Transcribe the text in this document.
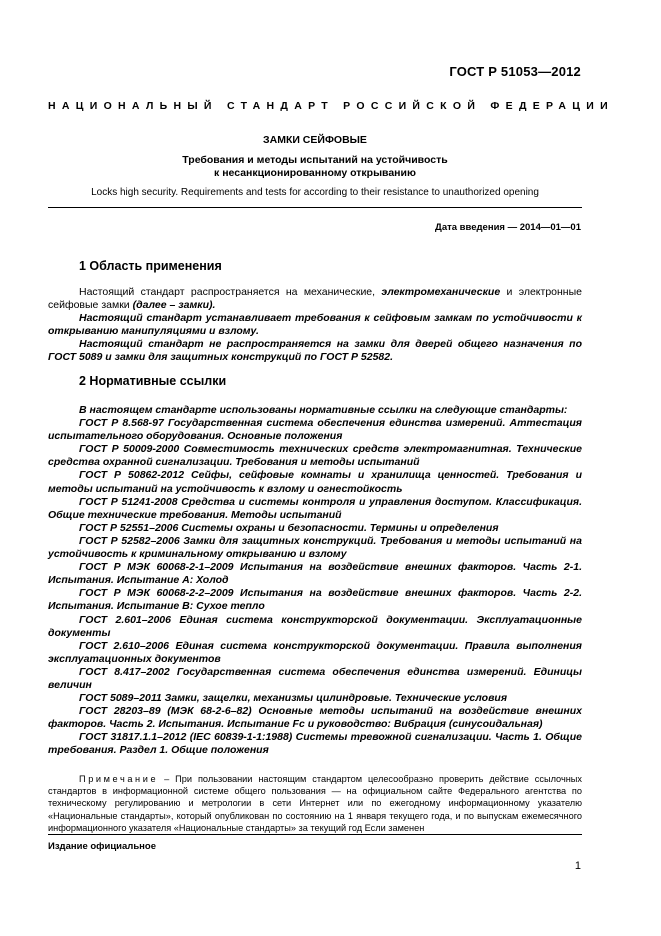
ГОСТ Р 51053—2012
НАЦИОНАЛЬНЫЙ СТАНДАРТ РОССИЙСКОЙ ФЕДЕРАЦИИ
ЗАМКИ СЕЙФОВЫЕ
Требования и методы испытаний на устойчивость
к несанкционированному открыванию
Locks high security. Requirements and tests for according to their resistance to unauthorized opening
Дата введения — 2014—01—01
1 Область применения

Настоящий стандарт распространяется на механические, электромеханические и электронные сейфовые замки (далее – замки).

Настоящий стандарт устанавливает требования к сейфовым замкам по устойчивости к открыванию манипуляциями и взлому.

Настоящий стандарт не распространяется на замки для дверей общего назначения по ГОСТ 5089 и замки для защитных конструкций по ГОСТ Р 52582.

2 Нормативные ссылки

В настоящем стандарте использованы нормативные ссылки на следующие стандарты:

ГОСТ Р 8.568-97 Государственная система обеспечения единства измерений. Аттестация испытательного оборудования. Основные положения

ГОСТ Р 50009-2000 Совместимость технических средств электромагнитная. Технические средства охранной сигнализации. Требования и методы испытаний

ГОСТ Р 50862-2012 Сейфы, сейфовые комнаты и хранилища ценностей. Требования и методы испытаний на устойчивость к взлому и огнестойкость

ГОСТ Р 51241-2008 Средства и системы контроля и управления доступом. Классификация. Общие технические требования. Методы испытаний

ГОСТ Р 52551–2006 Системы охраны и безопасности. Термины и определения

ГОСТ Р 52582–2006 Замки для защитных конструкций. Требования и методы испытаний на устойчивость к криминальному открыванию и взлому

ГОСТ Р МЭК 60068-2-1–2009 Испытания на воздействие внешних факторов. Часть 2-1. Испытания. Испытание А: Холод

ГОСТ Р МЭК 60068-2-2–2009 Испытания на воздействие внешних факторов. Часть 2-2. Испытания. Испытание В: Сухое тепло

ГОСТ 2.601–2006 Единая система конструкторской документации. Эксплуатационные документы

ГОСТ 2.610–2006 Единая система конструкторской документации. Правила выполнения эксплуатационных документов

ГОСТ 8.417–2002 Государственная система обеспечения единства измерений. Единицы величин

ГОСТ 5089–2011 Замки, защелки, механизмы цилиндровые. Технические условия

ГОСТ 28203–89 (МЭК 68-2-6–82) Основные методы испытаний на воздействие внешних факторов. Часть 2. Испытания. Испытание Fc и руководство: Вибрация (синусоидальная)

ГОСТ 31817.1.1–2012 (IEC 60839-1-1:1988) Системы тревожной сигнализации. Часть 1. Общие требования. Раздел 1. Общие положения

Примечание – При пользовании настоящим стандартом целесообразно проверить действие ссылочных стандартов в информационной системе общего пользования — на официальном сайте Федерального агентства по техническому регулированию и метрологии в сети Интернет или по ежегодному информационному указателю «Национальные стандарты», который опубликован по состоянию на 1 января текущего года, и по выпускам ежемесячного информационного указателя «Национальные стандарты» за текущий год Если заменен
Издание официальное
1
